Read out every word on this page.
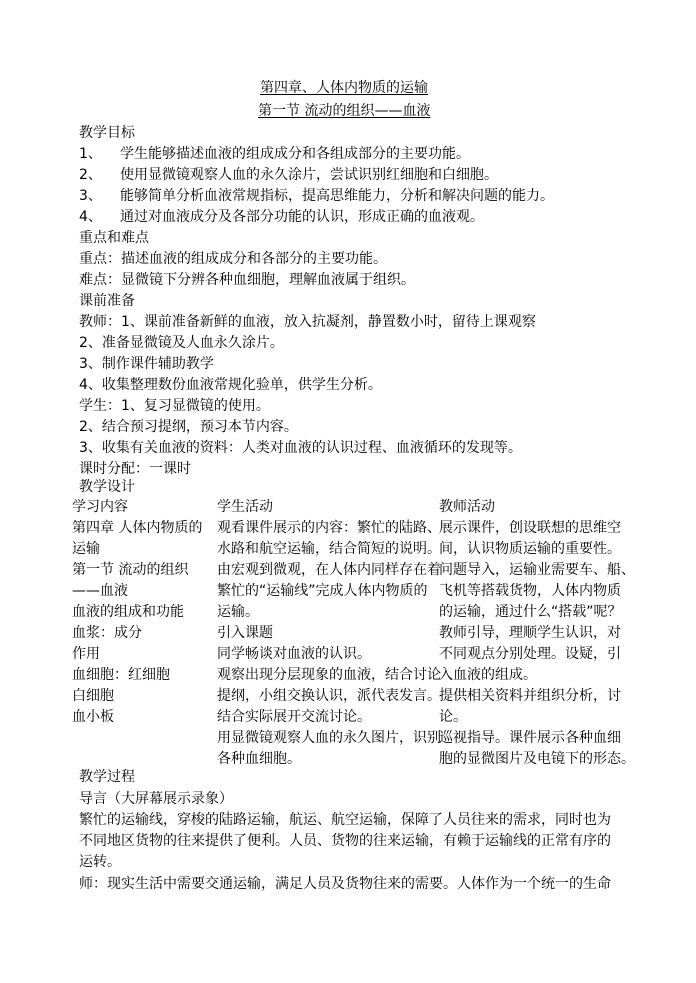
第四章、人体内物质的运输
第一节 流动的组织——血液
教学目标
1、 学生能够描述血液的组成成分和各组成部分的主要功能。
2、 使用显微镜观察人血的永久涂片，尝试识别红细胞和白细胞。
3、 能够简单分析血液常规指标，提高思维能力，分析和解决问题的能力。
4、 通过对血液成分及各部分功能的认识，形成正确的血液观。
重点和难点
重点：描述血液的组成成分和各部分的主要功能。
难点：显微镜下分辨各种血细胞，理解血液属于组织。
课前准备
教师：1、课前准备新鲜的血液，放入抗凝剂，静置数小时，留待上课观察
2、准备显微镜及人血永久涂片。
3、制作课件辅助教学
4、收集整理数份血液常规化验单，供学生分析。
学生：1、复习显微镜的使用。
2、结合预习提纲，预习本节内容。
3、收集有关血液的资料：人类对血液的认识过程、血液循环的发现等。
课时分配：一课时
教学设计
学习内容	学生活动	教师活动
第四章 人体内物质的
运输
第一节 流动的组织
——血液
血液的组成和功能
血浆：成分
作用
血细胞：红细胞
白细胞
血小板
观看课件展示的内容：繁忙的陆路、
水路和航空运输，结合简短的说明。
由宏观到微观，在人体内同样存在着
繁忙的“运输线”完成人体内物质的
运输。
引入课题
同学畅谈对血液的认识。
观察出现分层现象的血液，结合讨论
提纲，小组交换认识，派代表发言。
结合实际展开交流讨论。
用显微镜观察人血的永久图片，识别
各种血细胞。
展示课件，创设联想的思维空
间，认识物质运输的重要性。
问题导入，运输业需要车、船、
飞机等搭载货物，人体内物质
的运输，通过什么“搭载”呢？
教师引导，理顺学生认识，对
不同观点分别处理。设疑，引
入血液的组成。
提供相关资料并组织分析，讨
论。
巡视指导。课件展示各种血细
胞的显微图片及电镜下的形态。
教学过程
导言（大屏幕展示录象）
繁忙的运输线，穿梭的陆路运输，航运、航空运输，保障了人员往来的需求，同时也为
不同地区货物的往来提供了便利。人员、货物的往来运输，有赖于运输线的正常有序的
运转。
师：现实生活中需要交通运输，满足人员及货物往来的需要。人体作为一个统一的生命
